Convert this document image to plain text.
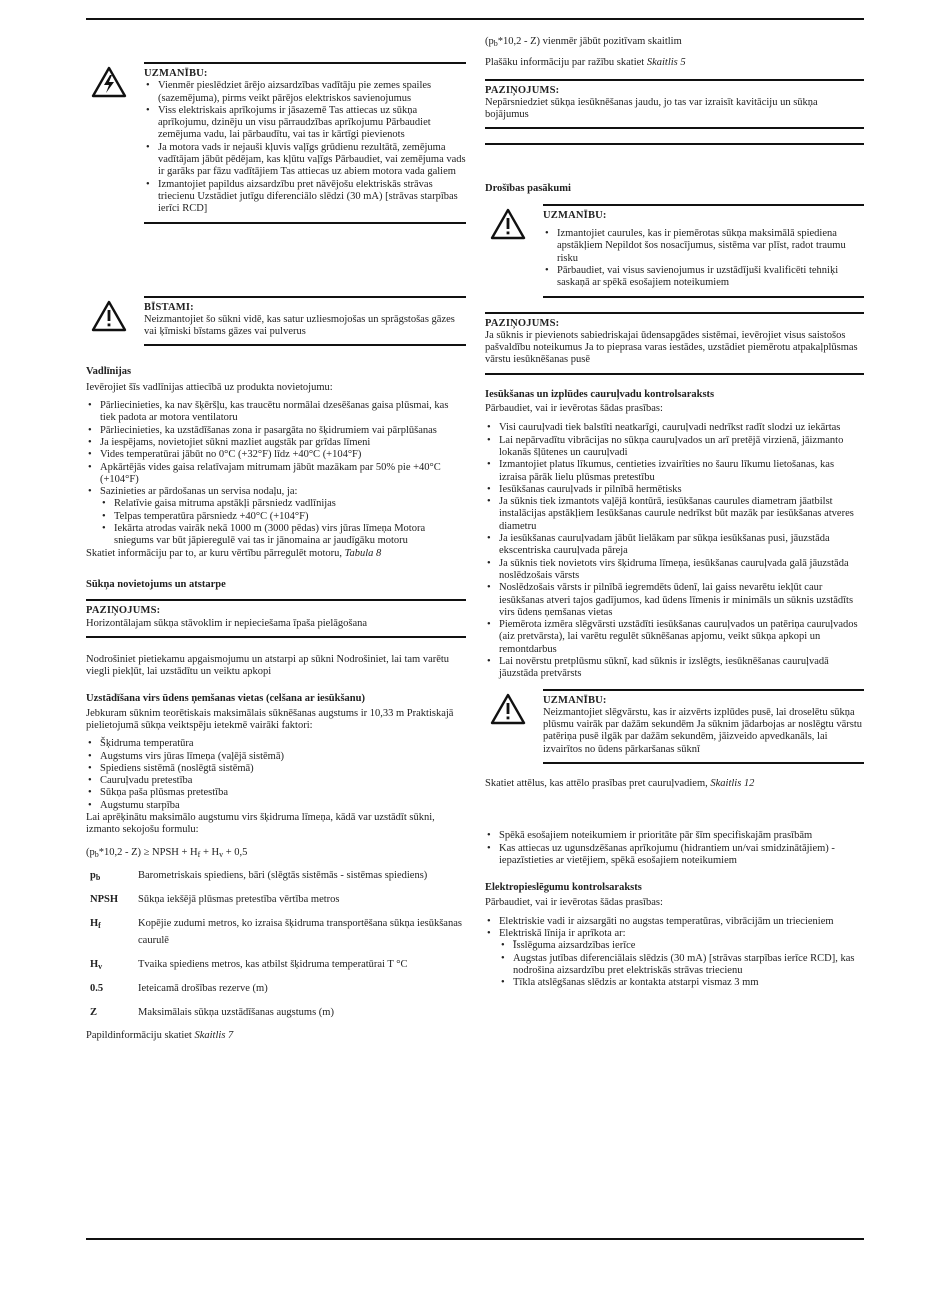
UZMANĪBU:
• Vienmēr pieslēdziet ārējo aizsardzības vadītāju pie zemes spailes (sazemējuma), pirms veikt pārējos elektriskos savienojumus
• Viss elektriskais aprīkojums ir jāsazemē Tas attiecas uz sūkņa aprīkojumu, dzinēju un visu pārraudzības aprīkojumu Pārbaudiet zemējuma vadu, lai pārbaudītu, vai tas ir kārtīgi pievienots
• Ja motora vads ir nejauši kļuvis vaļīgs grūdienu rezultātā, zemējuma vadītājam jābūt pēdējam, kas kļūtu vaļīgs Pārbaudiet, vai zemējuma vads ir garāks par fāzu vadītājiem Tas attiecas uz abiem motora vada galiem
• Izmantojiet papildus aizsardzību pret nāvējošu elektriskās strāvas triecienu Uzstādiet jutīgu diferenciālo slēdzi (30 mA) [strāvas starpības ierīci RCD]
BĪSTAMI:

Neizmantojiet šo sūkni vidē, kas satur uzliesmojošas un sprāgstošas gāzes vai ķīmiski bīstams gāzes vai pulverus

Vadlīnijas

Ievērojiet šīs vadlīnijas attiecībā uz produkta novietojumu:

• Pārliecinieties, ka nav šķēršļu, kas traucētu normālai dzesēšanas gaisa plūsmai, kas tiek padota ar motora ventilatoru
• Pārliecinieties, ka uzstādīšanas zona ir pasargāta no šķidrumiem vai pārplūšanas
• Ja iespējams, novietojiet sūkni mazliet augstāk par grīdas līmeni
• Vides temperatūrai jābūt no 0°C (+32°F) līdz +40°C (+104°F)
• Apkārtējās vides gaisa relatīvajam mitrumam jābūt mazākam par 50% pie +40°C (+104°F)
• Sazinieties ar pārdošanas un servisa nodaļu, ja:
• Relatīvie gaisa mitruma apstākļi pārsniedz vadlīnijas
• Telpas temperatūra pārsniedz +40°C (+104°F)
• Iekārta atrodas vairāk nekā 1000 m (3000 pēdas) virs jūras līmeņa Motora sniegums var būt jāpieregulē vai tas ir jānomaina ar jaudīgāku motoru

Skatiet informāciju par to, ar kuru vērtību pārregulēt motoru, Tabula 8

Sūkņa novietojums un atstarpe

PAZIŅOJUMS:

Horizontālajam sūkņa stāvoklim ir nepieciešama īpaša pielāgošana

Nodrošiniet pietiekamu apgaismojumu un atstarpi ap sūkni Nodrošiniet, lai tam varētu viegli piekļūt, lai uzstādītu un veiktu apkopi

Uzstādīšana virs ūdens ņemšanas vietas (celšana ar iesūkšanu)

Jebkuram sūknim teorētiskais maksimālais sūknēšanas augstums ir 10,33 m Praktiskajā pielietojumā sūkņa veiktspēju ietekmē vairāki faktori:

• Šķidruma temperatūra
• Augstums virs jūras līmeņa (vaļējā sistēmā)
• Spiediens sistēmā (noslēgtā sistēmā)
• Cauruļvadu pretestība
• Sūkņa paša plūsmas pretestība
• Augstumu starpība

Lai aprēķinātu maksimālo augstumu virs šķidruma līmeņa, kādā var uzstādīt sūkni, izmanto sekojošu formulu:

$(p_b*10,2 - Z)$ ≥ NPSH + $H_f + H_v + 0,5$

$p_b$	Barometriskais spiediens, bāri (slēgtās sistēmās - sistēmas spiediens)
NPSH	Sūkņa iekšējā plūsmas pretestība vērtība metros
$H_f$	Kopējie zudumi metros, ko izraisa šķidruma transportēšana sūkņa iesūkšanas caurulē
$H_v$	Tvaika spiediens metros, kas atbilst šķidruma temperatūrai T °C
0.5	Ieteicamā drošības rezerve (m)
Z	Maksimālais sūkņa uzstādīšanas augstums (m)

Papildinformāciju skatiet Skaitlis 7

$(p_b*10,2 - Z)$ vienmēr jābūt pozitīvam skaitlim

Plašāku informāciju par ražību skatiet Skaitlis 5

PAZIŅOJUMS:

Nepārsniedziet sūkņa iesūknēšanas jaudu, jo tas var izraisīt kavitāciju un sūkņa bojājumus

Drošības pasākumi

UZMANĪBU:
• Izmantojiet caurules, kas ir piemērotas sūkņa maksimālā spiediena apstākļiem Nepildot šos nosacījumus, sistēma var plīst, radot traumu risku
• Pārbaudiet, vai visus savienojumus ir uzstādījuši kvalificēti tehniķi saskaņā ar spēkā esošajiem noteikumiem
PAZIŅOJUMS:

Ja sūknis ir pievienots sabiedriskajai ūdensapgādes sistēmai, ievērojiet visus saistošos pašvaldību noteikumus Ja to pieprasa varas iestādes, uzstādiet piemērotu atpakaļplūsmas vārstu iesūknēšanas pusē

Iesūkšanas un izplūdes cauruļvadu kontrolsaraksts

Pārbaudiet, vai ir ievērotas šādas prasības:

• Visi cauruļvadi tiek balstīti neatkarīgi, cauruļvadi nedrīkst radīt slodzi uz iekārtas
• Lai nepārvadītu vibrācijas no sūkņa cauruļvados un arī pretējā virzienā, jāizmanto lokanās šļūtenes un cauruļvadi
• Izmantojiet platus līkumus, centieties izvairīties no šauru līkumu lietošanas, kas izraisa pārāk lielu plūsmas pretestību
• Iesūkšanas cauruļvads ir pilnībā hermētisks
• Ja sūknis tiek izmantots vaļējā kontūrā, iesūkšanas caurules diametram jāatbilst instalācijas apstākļiem Iesūkšanas caurule nedrīkst būt mazāk par iesūkšanas atveres diametru
• Ja iesūkšanas cauruļvadam jābūt lielākam par sūkņa iesūkšanas pusi, jāuzstāda ekscentriska cauruļvada pāreja
• Ja sūknis tiek novietots virs šķidruma līmeņa, iesūkšanas cauruļvada galā jāuzstāda noslēdzošais vārsts
• Noslēdzošais vārsts ir pilnībā iegremdēts ūdenī, lai gaiss nevarētu iekļūt caur iesūkšanas atveri tajos gadījumos, kad ūdens līmenis ir minimāls un sūknis uzstādīts virs ūdens ņemšanas vietas
• Piemērota izmēra slēgvārsti uzstādīti iesūkšanas cauruļvados un patēriņa cauruļvados (aiz pretvārsta), lai varētu regulēt sūknēšanas apjomu, veikt sūkņa apkopi un remontdarbus
• Lai novērstu pretplūsmu sūknī, kad sūknis ir izslēgts, iesūknēšanas cauruļvadā jāuzstāda pretvārsts
UZMANĪBU:

Neizmantojiet slēgvārstu, kas ir aizvērts izplūdes pusē, lai droselētu sūkņa plūsmu vairāk par dažām sekundēm Ja sūknim jādarbojas ar noslēgtu vārstu patēriņa pusē ilgāk par dažām sekundēm, jāizveido apvedkanāls, lai izvairītos no ūdens pārkaršanas sūknī

Skatiet attēlus, kas attēlo prasības pret cauruļvadiem, Skaitlis 12

• Spēkā esošajiem noteikumiem ir prioritāte pār šīm specifiskajām prasībām
• Kas attiecas uz ugunsdzēšanas aprīkojumu (hidrantiem un/vai smidzinātājiem) - iepazīstieties ar vietējiem, spēkā esošajiem noteikumiem

Elektropieslēgumu kontrolsaraksts

Pārbaudiet, vai ir ievērotas šādas prasības:

• Elektriskie vadi ir aizsargāti no augstas temperatūras, vibrācijām un triecieniem
• Elektriskā līnija ir aprīkota ar:
• Īsslēguma aizsardzības ierīce
• Augstas jutības diferenciālais slēdzis (30 mA) [strāvas starpības ierīce RCD], kas nodrošina aizsardzību pret elektriskās strāvas triecienu
• Tīkla atslēgšanas slēdzis ar kontakta atstarpi vismaz 3 mm
